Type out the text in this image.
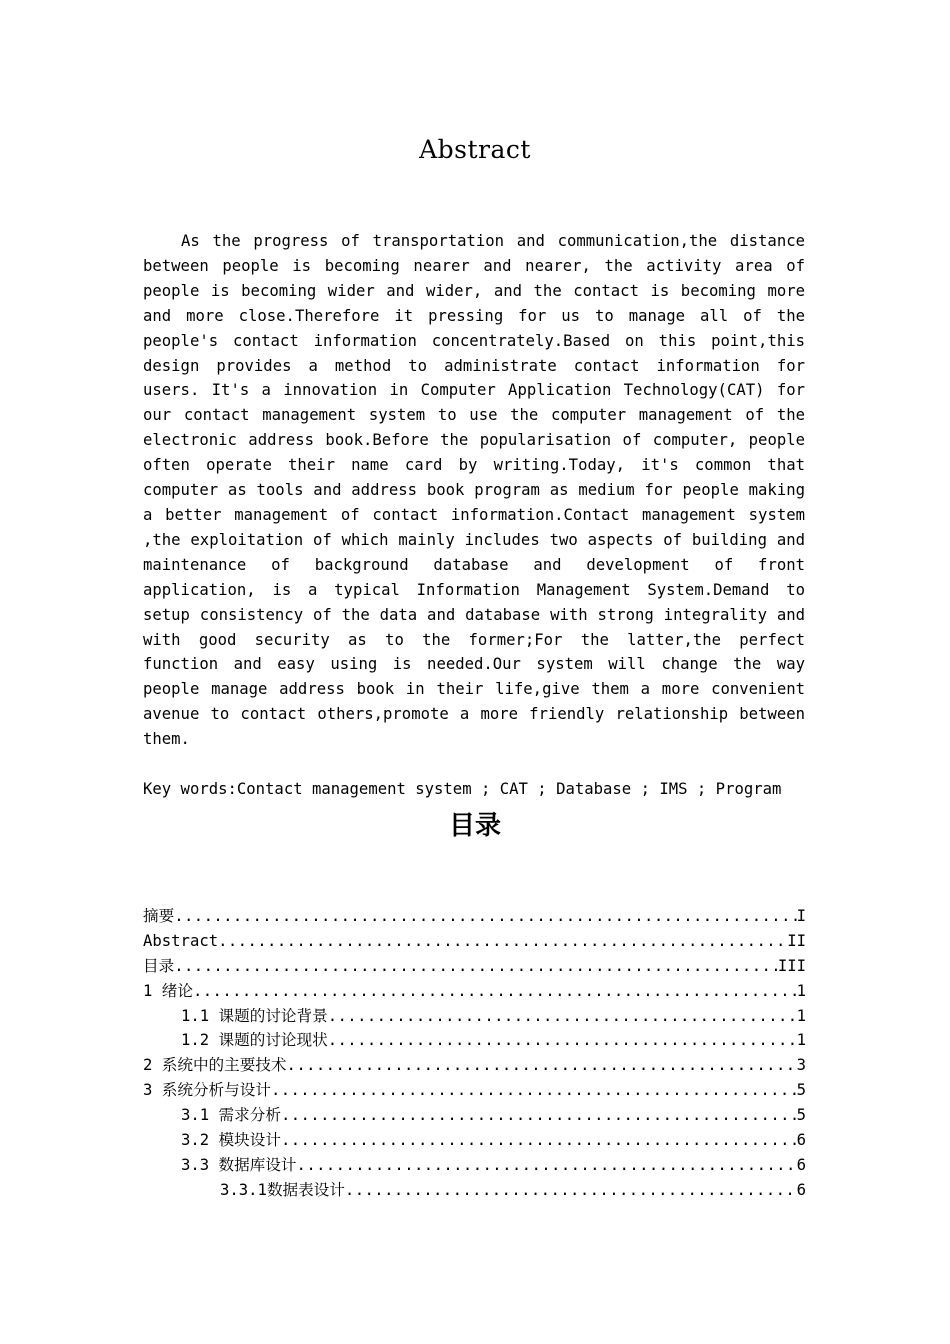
Abstract

As the progress of transportation and communication,the distance between people is becoming nearer and nearer, the activity area of people is becoming wider and wider, and the contact is becoming more and more close.Therefore it pressing for us to manage all of the people's contact information concentrately.Based on this point,this design provides a method to administrate contact information for users. It's a innovation in Computer Application Technology(CAT) for our contact management system to use the computer management of the electronic address book.Before the popularisation of computer, people often operate their name card by writing.Today, it's common that computer as tools and address book program as medium for people making a better management of contact information.Contact management system ,the exploitation of which mainly includes two aspects of building and maintenance of background database and development of front application, is a typical Information Management System.Demand to setup consistency of the data and database with strong integrality and with good security as to the former;For the latter,the perfect function and easy using is needed.Our system will change the way people manage address book in their life,give them a more convenient avenue to contact others,promote a more friendly relationship between them.

Key words:Contact management system ; CAT ; Database ; IMS ; Program

目录
摘要 .....	I
Abstract .....	II
目录 .....	III
1 绪论 .....	1
1.1 课题的讨论背景 .....	1
1.2 课题的讨论现状 .....	1
2 系统中的主要技术 .....	3
3 系统分析与设计 .....	5
3.1 需求分析 .....	5
3.2 模块设计 .....	6
3.3 数据库设计 .....	6
3.3.1数据表设计 .....	6
